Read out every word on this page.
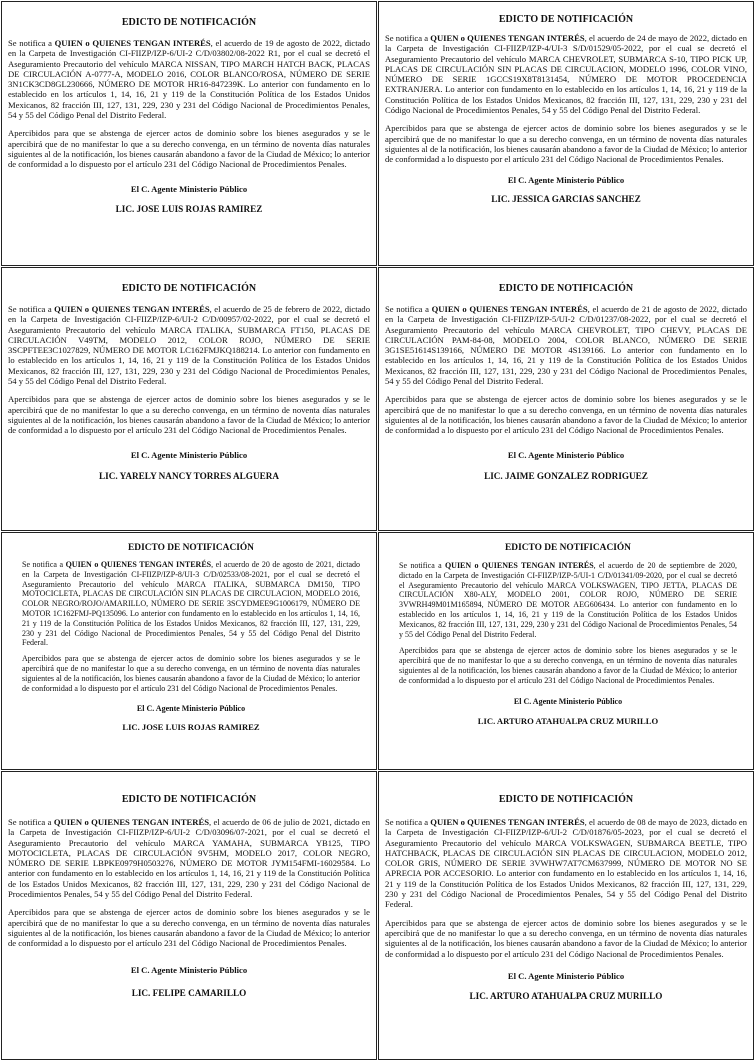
EDICTO DE NOTIFICACIÓN

Se notifica a QUIEN o QUIENES TENGAN INTERÉS, el acuerdo de 19 de agosto de 2022, dictado en la Carpeta de Investigación CI-FIIZP/IZP-6/UI-2 C/D/03802/08-2022 R1, por el cual se decretó el Aseguramiento Precautorio del vehículo MARCA NISSAN, TIPO MARCH HATCH BACK, PLACAS DE CIRCULACIÓN A-0777-A, MODELO 2016, COLOR BLANCO/ROSA, NÚMERO DE SERIE 3N1CK3CD8GL230666, NÚMERO DE MOTOR HR16-847239K. Lo anterior con fundamento en lo establecido en los artículos 1, 14, 16, 21 y 119 de la Constitución Política de los Estados Unidos Mexicanos, 82 fracción III, 127, 131, 229, 230 y 231 del Código Nacional de Procedimientos Penales, 54 y 55 del Código Penal del Distrito Federal.

Apercibidos para que se abstenga de ejercer actos de dominio sobre los bienes asegurados y se le apercibirá que de no manifestar lo que a su derecho convenga, en un término de noventa días naturales siguientes al de la notificación, los bienes causarán abandono a favor de la Ciudad de México; lo anterior de conformidad a lo dispuesto por el artículo 231 del Código Nacional de Procedimientos Penales.

El C. Agente Ministerio Público

LIC. JOSE LUIS ROJAS RAMIREZ

EDICTO DE NOTIFICACIÓN

Se notifica a QUIEN o QUIENES TENGAN INTERÉS, el acuerdo de 24 de mayo de 2022, dictado en la Carpeta de Investigación CI-FIIZP/IZP-4/UI-3 S/D/01529/05-2022, por el cual se decretó el Aseguramiento Precautorio del vehículo MARCA CHEVROLET, SUBMARCA S-10, TIPO PICK UP, PLACAS DE CIRCULACIÓN SIN PLACAS DE CIRCULACION, MODELO 1996, COLOR VINO, NÚMERO DE SERIE 1GCCS19X8T8131454, NÚMERO DE MOTOR PROCEDENCIA EXTRANJERA. Lo anterior con fundamento en lo establecido en los artículos 1, 14, 16, 21 y 119 de la Constitución Política de los Estados Unidos Mexicanos, 82 fracción III, 127, 131, 229, 230 y 231 del Código Nacional de Procedimientos Penales, 54 y 55 del Código Penal del Distrito Federal.

Apercibidos para que se abstenga de ejercer actos de dominio sobre los bienes asegurados y se le apercibirá que de no manifestar lo que a su derecho convenga, en un término de noventa días naturales siguientes al de la notificación, los bienes causarán abandono a favor de la Ciudad de México; lo anterior de conformidad a lo dispuesto por el artículo 231 del Código Nacional de Procedimientos Penales.

El C. Agente Ministerio Público

LIC. JESSICA GARCIAS SANCHEZ

EDICTO DE NOTIFICACIÓN

Se notifica a QUIEN o QUIENES TENGAN INTERÉS, el acuerdo de 25 de febrero de 2022, dictado en la Carpeta de Investigación CI-FIIZP/IZP-6/UI-2 C/D/00957/02-2022, por el cual se decretó el Aseguramiento Precautorio del vehículo MARCA ITALIKA, SUBMARCA FT150, PLACAS DE CIRCULACIÓN V49TM, MODELO 2012, COLOR ROJO, NÚMERO DE SERIE 3SCPFTEE3C1027829, NÚMERO DE MOTOR LC162FMJKQ188214. Lo anterior con fundamento en lo establecido en los artículos 1, 14, 16, 21 y 119 de la Constitución Política de los Estados Unidos Mexicanos, 82 fracción III, 127, 131, 229, 230 y 231 del Código Nacional de Procedimientos Penales, 54 y 55 del Código Penal del Distrito Federal.

Apercibidos para que se abstenga de ejercer actos de dominio sobre los bienes asegurados y se le apercibirá que de no manifestar lo que a su derecho convenga, en un término de noventa días naturales siguientes al de la notificación, los bienes causarán abandono a favor de la Ciudad de México; lo anterior de conformidad a lo dispuesto por el artículo 231 del Código Nacional de Procedimientos Penales.

El C. Agente Ministerio Público

LIC. YARELY NANCY TORRES ALGUERA

EDICTO DE NOTIFICACIÓN

Se notifica a QUIEN o QUIENES TENGAN INTERÉS, el acuerdo de 21 de agosto de 2022, dictado en la Carpeta de Investigación CI-FIIZP/IZP-5/UI-2 C/D/01237/08-2022, por el cual se decretó el Aseguramiento Precautorio del vehículo MARCA CHEVROLET, TIPO CHEVY, PLACAS DE CIRCULACIÓN PAM-84-08, MODELO 2004, COLOR BLANCO, NÚMERO DE SERIE 3G1SE51614S139166, NÚMERO DE MOTOR 4S139166. Lo anterior con fundamento en lo establecido en los artículos 1, 14, 16, 21 y 119 de la Constitución Política de los Estados Unidos Mexicanos, 82 fracción III, 127, 131, 229, 230 y 231 del Código Nacional de Procedimientos Penales, 54 y 55 del Código Penal del Distrito Federal.

Apercibidos para que se abstenga de ejercer actos de dominio sobre los bienes asegurados y se le apercibirá que de no manifestar lo que a su derecho convenga, en un término de noventa días naturales siguientes al de la notificación, los bienes causarán abandono a favor de la Ciudad de México; lo anterior de conformidad a lo dispuesto por el artículo 231 del Código Nacional de Procedimientos Penales.

El C. Agente Ministerio Público

LIC. JAIME GONZALEZ RODRIGUEZ

EDICTO DE NOTIFICACIÓN

Se notifica a QUIEN o QUIENES TENGAN INTERÉS, el acuerdo de 20 de agosto de 2021, dictado en la Carpeta de Investigación CI-FIIZP/IZP-8/UI-3 C/D/02533/08-2021, por el cual se decretó el Aseguramiento Precautorio del vehículo MARCA ITALIKA, SUBMARCA DM150, TIPO MOTOCICLETA, PLACAS DE CIRCULACIÓN SIN PLACAS DE CIRCULACION, MODELO 2016, COLOR NEGRO/ROJO/AMARILLO, NÚMERO DE SERIE 3SCYDMEE9G1006179, NÚMERO DE MOTOR 1C162FMJ-PQ135096. Lo anterior con fundamento en lo establecido en los artículos 1, 14, 16, 21 y 119 de la Constitución Política de los Estados Unidos Mexicanos, 82 fracción III, 127, 131, 229, 230 y 231 del Código Nacional de Procedimientos Penales, 54 y 55 del Código Penal del Distrito Federal.

Apercibidos para que se abstenga de ejercer actos de dominio sobre los bienes asegurados y se le apercibirá que de no manifestar lo que a su derecho convenga, en un término de noventa días naturales siguientes al de la notificación, los bienes causarán abandono a favor de la Ciudad de México; lo anterior de conformidad a lo dispuesto por el artículo 231 del Código Nacional de Procedimientos Penales.

El C. Agente Ministerio Público

LIC. JOSE LUIS ROJAS RAMIREZ

EDICTO DE NOTIFICACIÓN

Se notifica a QUIEN o QUIENES TENGAN INTERÉS, el acuerdo de 20 de septiembre de 2020, dictado en la Carpeta de Investigación CI-FIIZP/IZP-5/UI-1 C/D/01341/09-2020, por el cual se decretó el Aseguramiento Precautorio del vehículo MARCA VOLKSWAGEN, TIPO JETTA, PLACAS DE CIRCULACIÓN X80-ALY, MODELO 2001, COLOR ROJO, NÚMERO DE SERIE 3VWRH49M01M165894, NÚMERO DE MOTOR AEG606434. Lo anterior con fundamento en lo establecido en los artículos 1, 14, 16, 21 y 119 de la Constitución Política de los Estados Unidos Mexicanos, 82 fracción III, 127, 131, 229, 230 y 231 del Código Nacional de Procedimientos Penales, 54 y 55 del Código Penal del Distrito Federal.

Apercibidos para que se abstenga de ejercer actos de dominio sobre los bienes asegurados y se le apercibirá que de no manifestar lo que a su derecho convenga, en un término de noventa días naturales siguientes al de la notificación, los bienes causarán abandono a favor de la Ciudad de México; lo anterior de conformidad a lo dispuesto por el artículo 231 del Código Nacional de Procedimientos Penales.

El C. Agente Ministerio Público

LIC. ARTURO ATAHUALPA CRUZ MURILLO

EDICTO DE NOTIFICACIÓN

Se notifica a QUIEN o QUIENES TENGAN INTERÉS, el acuerdo de 06 de julio de 2021, dictado en la Carpeta de Investigación CI-FIIZP/IZP-6/UI-2 C/D/03096/07-2021, por el cual se decretó el Aseguramiento Precautorio del vehículo MARCA YAMAHA, SUBMARCA YB125, TIPO MOTOCICLETA, PLACAS DE CIRCULACIÓN 9V5HM, MODELO 2017, COLOR NEGRO, NÚMERO DE SERIE LBPKE0979H0503276, NÚMERO DE MOTOR JYM154FMI-16029584. Lo anterior con fundamento en lo establecido en los artículos 1, 14, 16, 21 y 119 de la Constitución Política de los Estados Unidos Mexicanos, 82 fracción III, 127, 131, 229, 230 y 231 del Código Nacional de Procedimientos Penales, 54 y 55 del Código Penal del Distrito Federal.

Apercibidos para que se abstenga de ejercer actos de dominio sobre los bienes asegurados y se le apercibirá que de no manifestar lo que a su derecho convenga, en un término de noventa días naturales siguientes al de la notificación, los bienes causarán abandono a favor de la Ciudad de México; lo anterior de conformidad a lo dispuesto por el artículo 231 del Código Nacional de Procedimientos Penales.

El C. Agente Ministerio Público

LIC. FELIPE CAMARILLO

EDICTO DE NOTIFICACIÓN

Se notifica a QUIEN o QUIENES TENGAN INTERÉS, el acuerdo de 08 de mayo de 2023, dictado en la Carpeta de Investigación CI-FIIZP/IZP-6/UI-2 C/D/01876/05-2023, por el cual se decretó el Aseguramiento Precautorio del vehículo MARCA VOLKSWAGEN, SUBMARCA BEETLE, TIPO HATCHBACK, PLACAS DE CIRCULACIÓN SIN PLACAS DE CIRCULACION, MODELO 2012, COLOR GRIS, NÚMERO DE SERIE 3VWHW7AT7CM637999, NÚMERO DE MOTOR NO SE APRECIA POR ACCESORIO. Lo anterior con fundamento en lo establecido en los artículos 1, 14, 16, 21 y 119 de la Constitución Política de los Estados Unidos Mexicanos, 82 fracción III, 127, 131, 229, 230 y 231 del Código Nacional de Procedimientos Penales, 54 y 55 del Código Penal del Distrito Federal.

Apercibidos para que se abstenga de ejercer actos de dominio sobre los bienes asegurados y se le apercibirá que de no manifestar lo que a su derecho convenga, en un término de noventa días naturales siguientes al de la notificación, los bienes causarán abandono a favor de la Ciudad de México; lo anterior de conformidad a lo dispuesto por el artículo 231 del Código Nacional de Procedimientos Penales.

El C. Agente Ministerio Público

LIC. ARTURO ATAHUALPA CRUZ MURILLO
